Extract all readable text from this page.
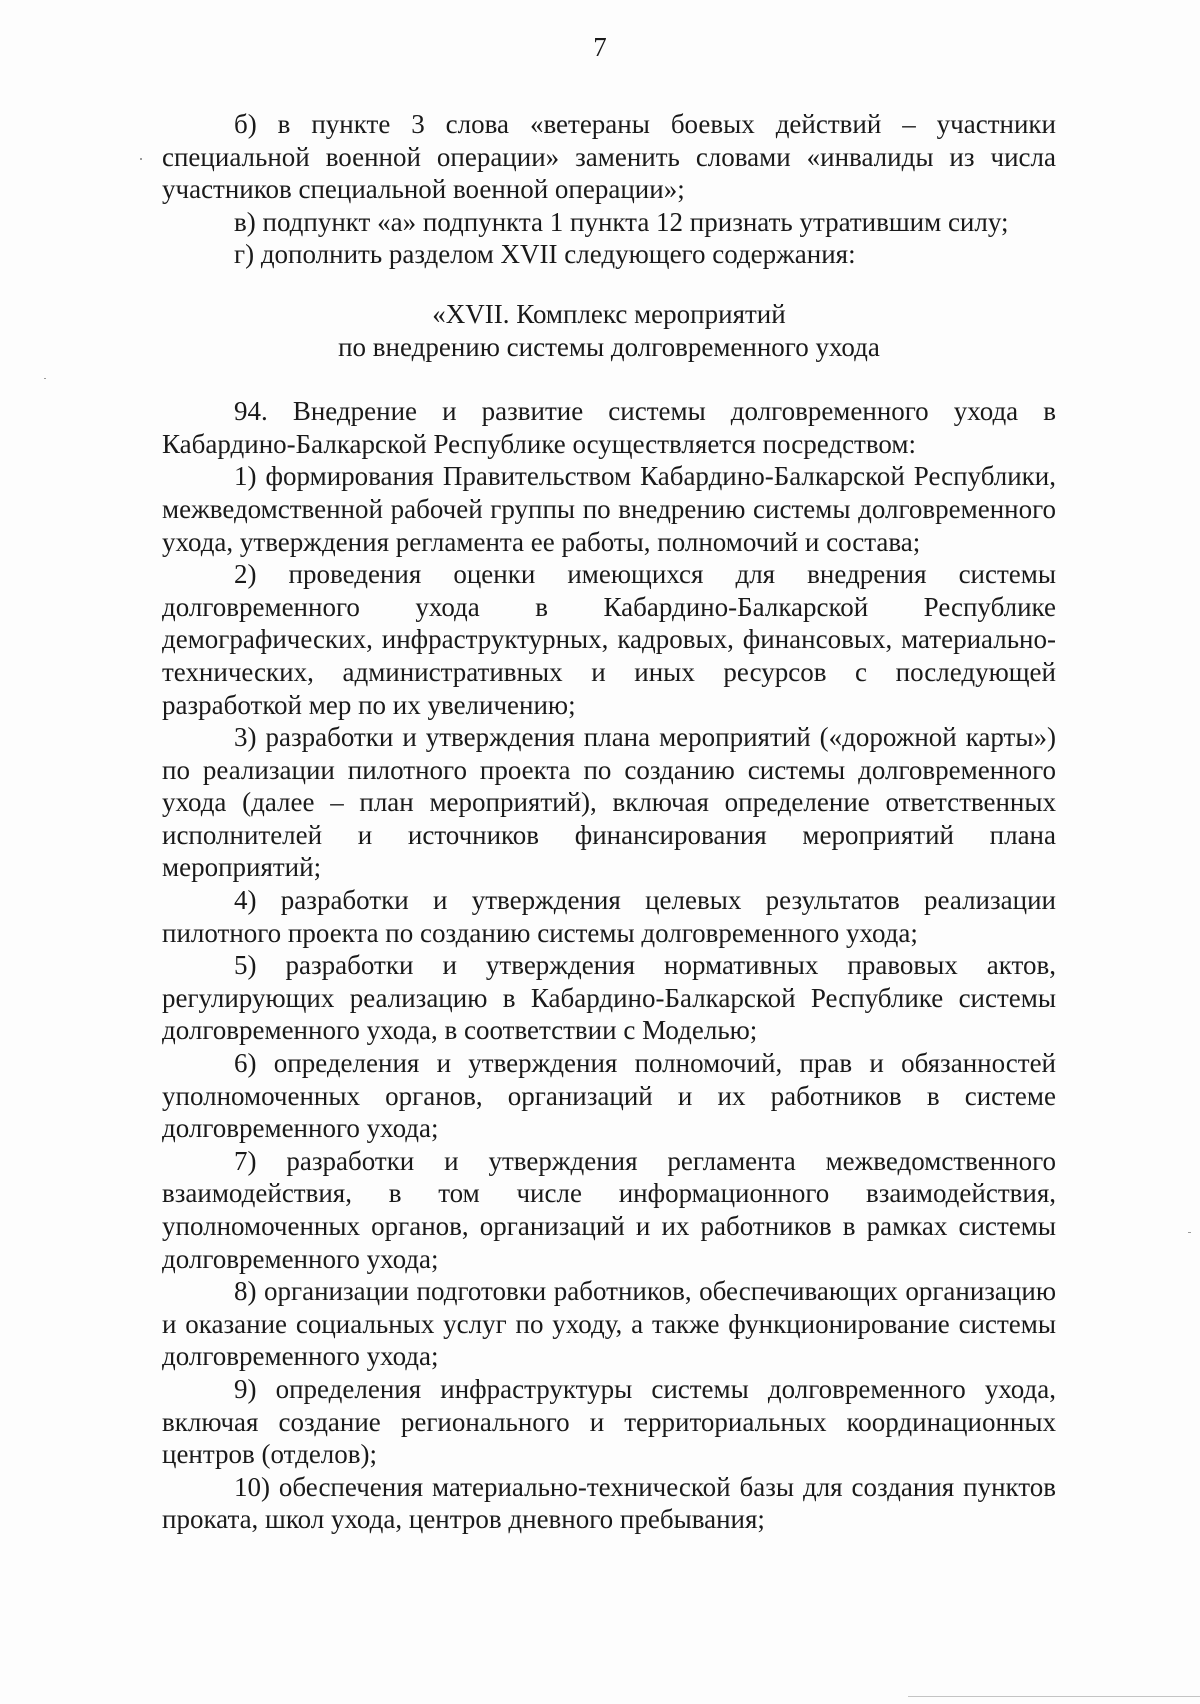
7

б) в пункте 3 слова «ветераны боевых действий – участники специальной военной операции» заменить словами «инвалиды из числа участников специальной военной операции»;

в) подпункт «а» подпункта 1 пункта 12 признать утратившим силу;

г) дополнить разделом XVII следующего содержания:

«XVII. Комплекс мероприятий

по внедрению системы долговременного ухода

94. Внедрение и развитие системы долговременного ухода в Кабардино-Балкарской Республике осуществляется посредством:

1) формирования Правительством Кабардино-Балкарской Республики, межведомственной рабочей группы по внедрению системы долговременного ухода, утверждения регламента ее работы, полномочий и состава;

2) проведения оценки имеющихся для внедрения системы долговременного ухода в Кабардино-Балкарской Республике демографических, инфраструктурных, кадровых, финансовых, материально-технических, административных и иных ресурсов с последующей разработкой мер по их увеличению;

3) разработки и утверждения плана мероприятий («дорожной карты») по реализации пилотного проекта по созданию системы долговременного ухода (далее – план мероприятий), включая определение ответственных исполнителей и источников финансирования мероприятий плана мероприятий;

4) разработки и утверждения целевых результатов реализации пилотного проекта по созданию системы долговременного ухода;

5) разработки и утверждения нормативных правовых актов, регулирующих реализацию в Кабардино-Балкарской Республике системы долговременного ухода, в соответствии с Моделью;

6) определения и утверждения полномочий, прав и обязанностей уполномоченных органов, организаций и их работников в системе долговременного ухода;

7) разработки и утверждения регламента межведомственного взаимодействия, в том числе информационного взаимодействия, уполномоченных органов, организаций и их работников в рамках системы долговременного ухода;

8) организации подготовки работников, обеспечивающих организацию и оказание социальных услуг по уходу, а также функционирование системы долговременного ухода;

9) определения инфраструктуры системы долговременного ухода, включая создание регионального и территориальных координационных центров (отделов);

10) обеспечения материально-технической базы для создания пунктов проката, школ ухода, центров дневного пребывания;
